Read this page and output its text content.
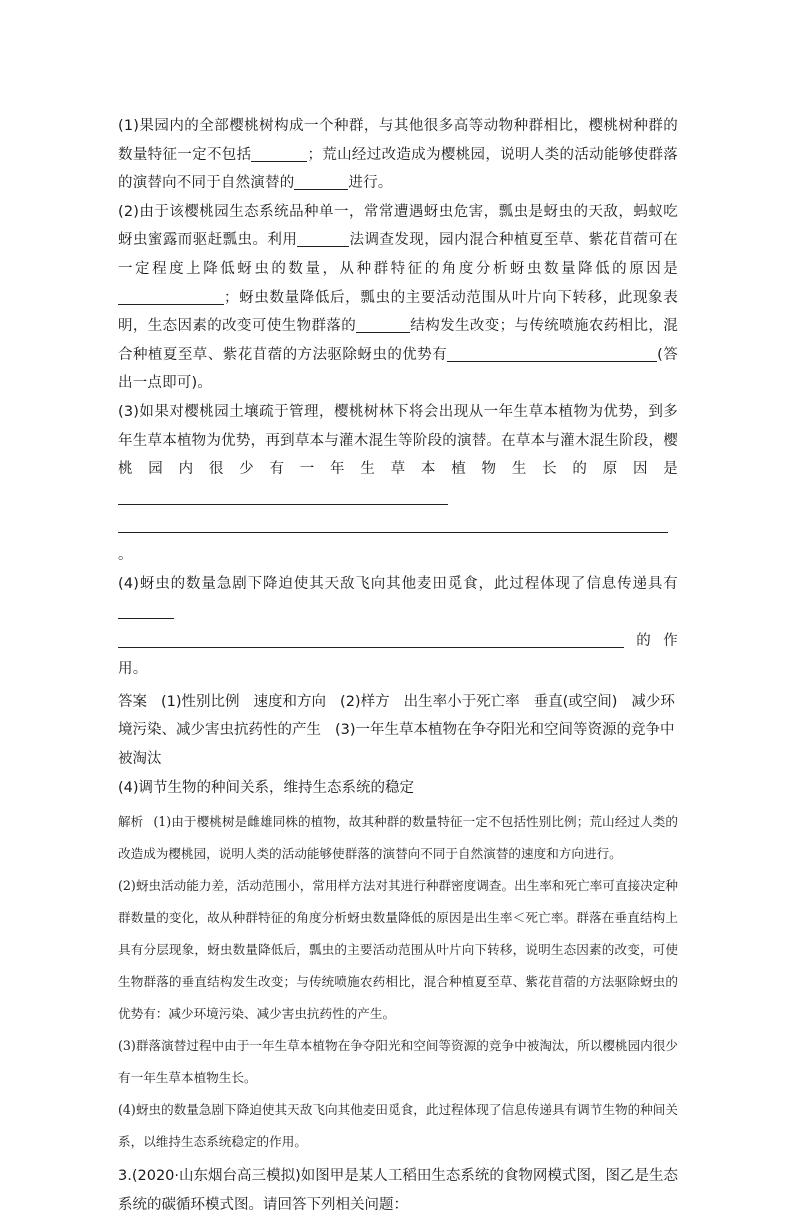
(1)果园内的全部樱桃树构成一个种群，与其他很多高等动物种群相比，樱桃树种群的数量特征一定不包括	；荒山经过改造成为樱桃园，说明人类的活动能够使群落的演替向不同于自然演替的	进行。

(2)由于该樱桃园生态系统品种单一，常常遭遇蚜虫危害，瓢虫是蚜虫的天敌，蚂蚁吃蚜虫蜜露而驱赶瓢虫。利用	法调查发现，园内混合种植夏至草、紫花苜蓿可在一定程度上降低蚜虫的数量，从种群特征的角度分析蚜虫数量降低的原因是；蚜虫数量降低后，瓢虫的主要活动范围从叶片向下转移，此现象表明，生态因素的改变可使生物群落的	结构发生改变；与传统喷施农药相比，混合种植夏至草、紫花苜蓿的方法驱除蚜虫的优势有	(答出一点即可)。

(3)如果对樱桃园土壤疏于管理，樱桃树林下将会出现从一年生草本植物为优势，到多年生草本植物为优势，再到草本与灌木混生等阶段的演替。在草本与灌木混生阶段，樱桃园内很少有一年生草本植物生长的原因是。

(4)蚜虫的数量急剧下降迫使其天敌飞向其他麦田觅食，此过程体现了信息传递具有的作用。

答案 (1)性别比例 速度和方向 (2)样方 出生率小于死亡率 垂直(或空间) 减少环境污染、减少害虫抗药性的产生 (3)一年生草本植物在争夺阳光和空间等资源的竞争中被淘汰
(4)调节生物的种间关系，维持生态系统的稳定

解析 (1)由于樱桃树是雌雄同株的植物，故其种群的数量特征一定不包括性别比例；荒山经过人类的改造成为樱桃园，说明人类的活动能够使群落的演替向不同于自然演替的速度和方向进行。

(2)蚜虫活动能力差，活动范围小，常用样方法对其进行种群密度调查。出生率和死亡率可直接决定种群数量的变化，故从种群特征的角度分析蚜虫数量降低的原因是出生率＜死亡率。群落在垂直结构上具有分层现象，蚜虫数量降低后，瓢虫的主要活动范围从叶片向下转移，说明生态因素的改变，可使生物群落的垂直结构发生改变；与传统喷施农药相比，混合种植夏至草、紫花苜蓿的方法驱除蚜虫的优势有：减少环境污染、减少害虫抗药性的产生。

(3)群落演替过程中由于一年生草本植物在争夺阳光和空间等资源的竞争中被淘汰，所以樱桃园内很少有一年生草本植物生长。

(4)蚜虫的数量急剧下降迫使其天敌飞向其他麦田觅食，此过程体现了信息传递具有调节生物的种间关系，以维持生态系统稳定的作用。

3.(2020·山东烟台高三模拟)如图甲是某人工稻田生态系统的食物网模式图，图乙是生态系统的碳循环模式图。请回答下列相关问题：
